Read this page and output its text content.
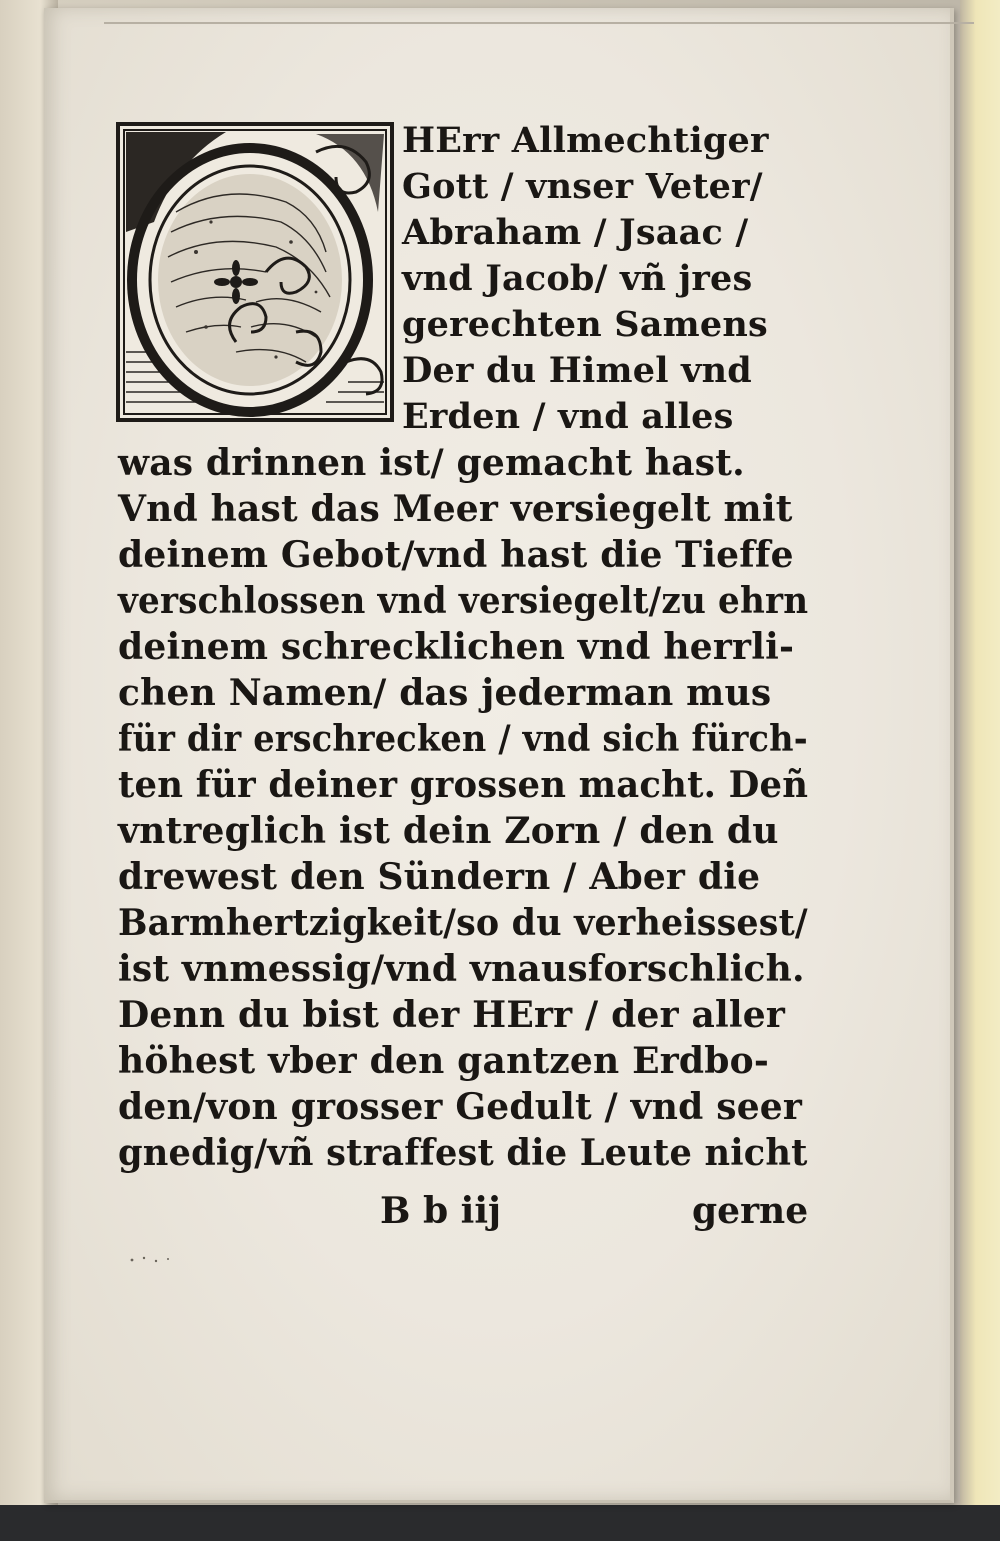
HErr Allmechtiger
Gott / vnser Veter/
Abraham / Jsaac /
vnd Jacob/ vñ jres
gerechten Samens
Der du Himel vnd
Erden / vnd alles
was drinnen ist/ gemacht hast.
Vnd hast das Meer versiegelt mit
deinem Gebot/vnd hast die Tieffe
verschlossen vnd versiegelt/zu ehrn
deinem schrecklichen vnd herrli-
chen Namen/ das jederman mus
für dir erschrecken / vnd sich fürch-
ten für deiner grossen macht. Deñ
vntreglich ist dein Zorn / den du
drewest den Sündern / Aber die
Barmhertzigkeit/so du verheissest/
ist vnmessig/vnd vnausforschlich.
Denn du bist der HErr / der aller
höhest vber den gantzen Erdbo-
den/von grosser Gedult / vnd seer
gnedig/vñ straffest die Leute nicht
B b iij	gerne
